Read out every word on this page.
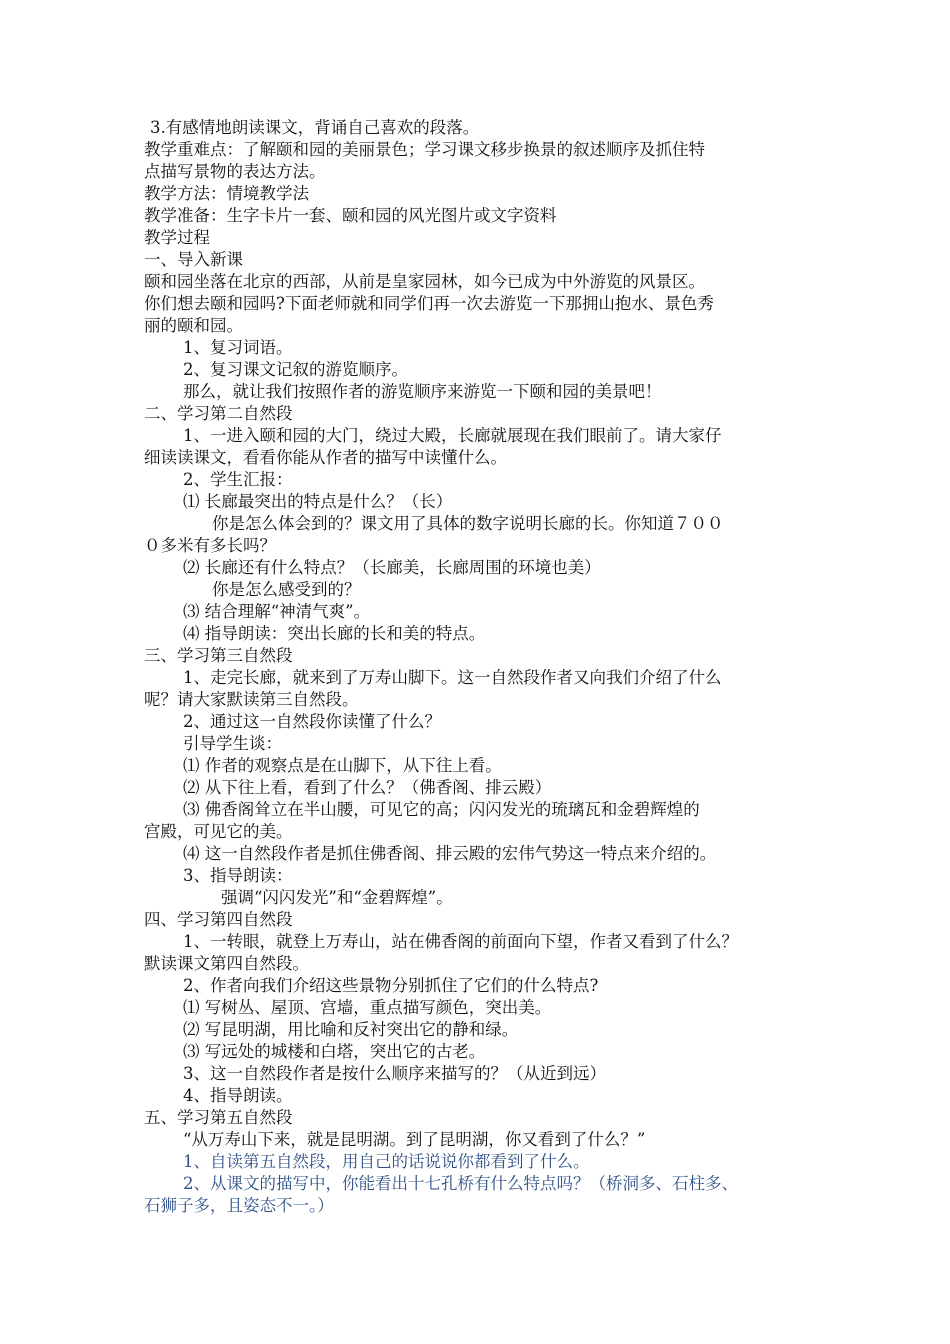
3.有感情地朗读课文，背诵自己喜欢的段落。
教学重难点：了解颐和园的美丽景色；学习课文移步换景的叙述顺序及抓住特
点描写景物的表达方法。
教学方法：情境教学法
教学准备：生字卡片一套、颐和园的风光图片或文字资料
教学过程
一、导入新课
颐和园坐落在北京的西部，从前是皇家园林，如今已成为中外游览的风景区。
你们想去颐和园吗?下面老师就和同学们再一次去游览一下那拥山抱水、景色秀
丽的颐和园。
1、复习词语。
2、复习课文记叙的游览顺序。
那么，就让我们按照作者的游览顺序来游览一下颐和园的美景吧！
二、学习第二自然段
1、一进入颐和园的大门，绕过大殿，长廊就展现在我们眼前了。请大家仔
细读读课文，看看你能从作者的描写中读懂什么。
2、学生汇报：
⑴ 长廊最突出的特点是什么？（长）
你是怎么体会到的？课文用了具体的数字说明长廊的长。你知道７００
０多米有多长吗？
⑵ 长廊还有什么特点？（长廊美，长廊周围的环境也美）
你是怎么感受到的？
⑶ 结合理解“神清气爽”。
⑷ 指导朗读：突出长廊的长和美的特点。
三、学习第三自然段
1、走完长廊，就来到了万寿山脚下。这一自然段作者又向我们介绍了什么
呢？请大家默读第三自然段。
2、通过这一自然段你读懂了什么？
引导学生谈：
⑴ 作者的观察点是在山脚下，从下往上看。
⑵ 从下往上看，看到了什么？（佛香阁、排云殿）
⑶ 佛香阁耸立在半山腰，可见它的高；闪闪发光的琉璃瓦和金碧辉煌的
宫殿，可见它的美。
⑷ 这一自然段作者是抓住佛香阁、排云殿的宏伟气势这一特点来介绍的。
3、指导朗读：
强调“闪闪发光”和“金碧辉煌”。
四、学习第四自然段
1、一转眼，就登上万寿山，站在佛香阁的前面向下望，作者又看到了什么？
默读课文第四自然段。
2、作者向我们介绍这些景物分别抓住了它们的什么特点?
⑴ 写树丛、屋顶、宫墙，重点描写颜色，突出美。
⑵ 写昆明湖，用比喻和反衬突出它的静和绿。
⑶ 写远处的城楼和白塔，突出它的古老。
3、这一自然段作者是按什么顺序来描写的？（从近到远）
4、指导朗读。
五、学习第五自然段
“从万寿山下来，就是昆明湖。到了昆明湖，你又看到了什么？”
1、自读第五自然段，用自己的话说说你都看到了什么。
2、从课文的描写中，你能看出十七孔桥有什么特点吗？（桥洞多、石柱多、
石狮子多，且姿态不一。）
